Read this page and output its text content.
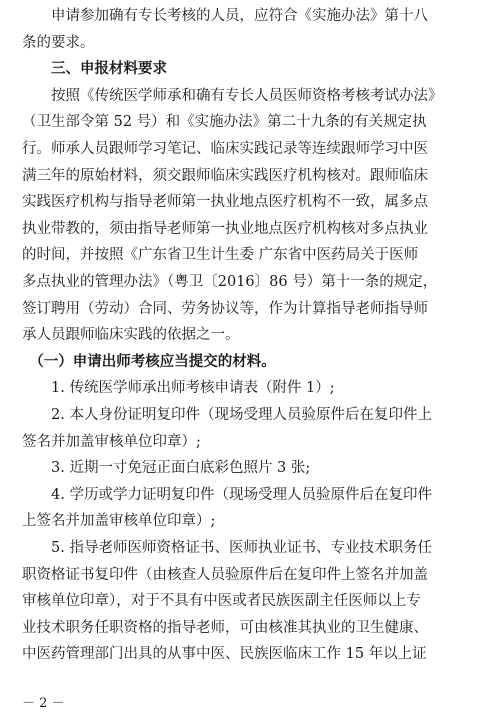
　　申请参加确有专长考核的人员，应符合《实施办法》第十八
条的要求。
　　三、申报材料要求
　　按照《传统医学师承和确有专长人员医师资格考核考试办法》
（卫生部令第 52 号）和《实施办法》第二十九条的有关规定执
行。师承人员跟师学习笔记、临床实践记录等连续跟师学习中医
满三年的原始材料，须交跟师临床实践医疗机构核对。跟师临床
实践医疗机构与指导老师第一执业地点医疗机构不一致，属多点
执业带教的，须由指导老师第一执业地点医疗机构核对多点执业
的时间，并按照《广东省卫生计生委 广东省中医药局关于医师
多点执业的管理办法》（粤卫〔2016〕86 号）第十一条的规定，
签订聘用（劳动）合同、劳务协议等，作为计算指导老师指导师
承人员跟师临床实践的依据之一。
　（一）申请出师考核应当提交的材料。
　　1. 传统医学师承出师考核申请表（附件 1）;
　　2. 本人身份证明复印件（现场受理人员验原件后在复印件上
签名并加盖审核单位印章）;
　　3. 近期一寸免冠正面白底彩色照片 3 张;
　　4. 学历或学力证明复印件（现场受理人员验原件后在复印件
上签名并加盖审核单位印章）;
　　5. 指导老师医师资格证书、医师执业证书、专业技术职务任
职资格证书复印件（由核查人员验原件后在复印件上签名并加盖
审核单位印章），对于不具有中医或者民族医副主任医师以上专
业技术职务任职资格的指导老师，可由核准其执业的卫生健康、
中医药管理部门出具的从事中医、民族医临床工作 15 年以上证
－ 2 －
